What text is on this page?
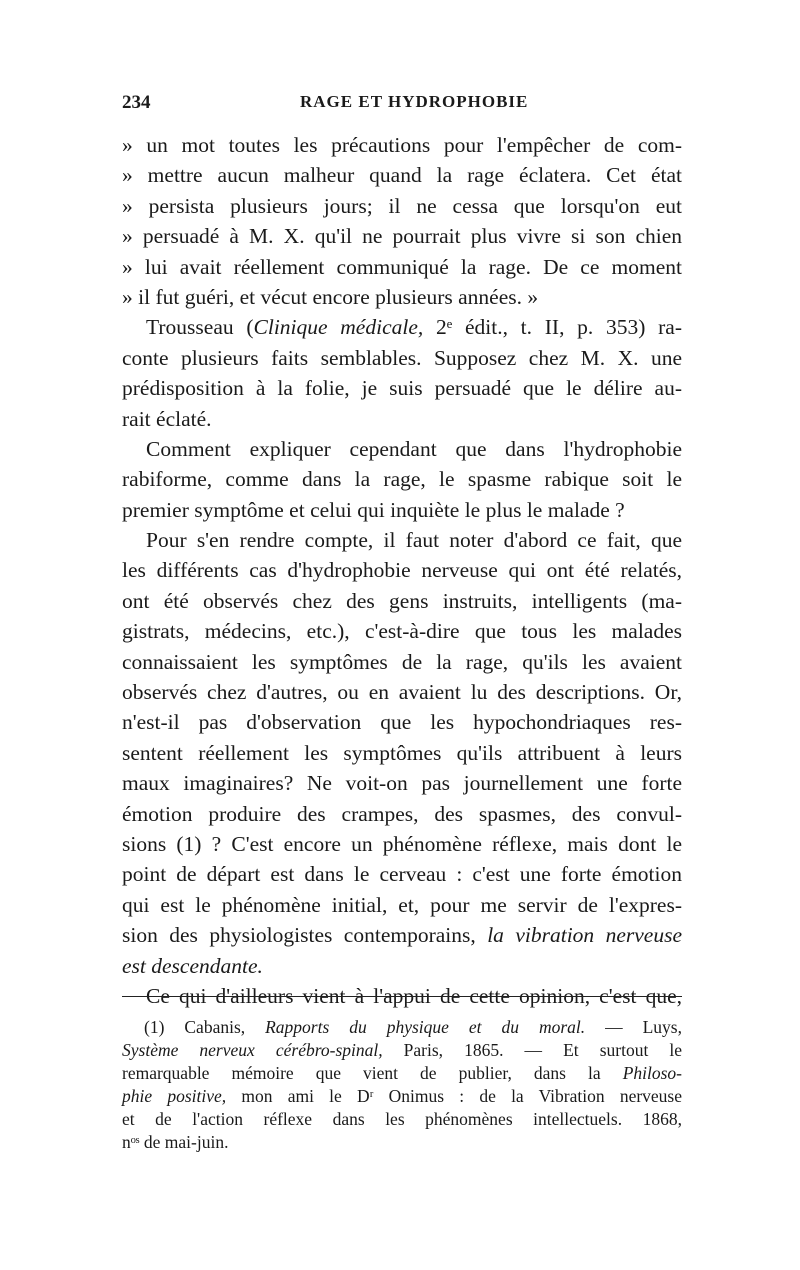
234	RAGE ET HYDROPHOBIE
» un mot toutes les précautions pour l'empêcher de com-
» mettre aucun malheur quand la rage éclatera. Cet état
» persista plusieurs jours; il ne cessa que lorsqu'on eut
» persuadé à M. X. qu'il ne pourrait plus vivre si son chien
» lui avait réellement communiqué la rage. De ce moment
» il fut guéri, et vécut encore plusieurs années. »
Trousseau (Clinique médicale, 2ᵉ édit., t. II, p. 353) ra-
conte plusieurs faits semblables. Supposez chez M. X. une
prédisposition à la folie, je suis persuadé que le délire au-
rait éclaté.
Comment expliquer cependant que dans l'hydrophobie
rabiforme, comme dans la rage, le spasme rabique soit le
premier symptôme et celui qui inquiète le plus le malade ?
Pour s'en rendre compte, il faut noter d'abord ce fait, que
les différents cas d'hydrophobie nerveuse qui ont été relatés,
ont été observés chez des gens instruits, intelligents (ma-
gistrats, médecins, etc.), c'est-à-dire que tous les malades
connaissaient les symptômes de la rage, qu'ils les avaient
observés chez d'autres, ou en avaient lu des descriptions. Or,
n'est-il pas d'observation que les hypochondriaques res-
sentent réellement les symptômes qu'ils attribuent à leurs
maux imaginaires? Ne voit-on pas journellement une forte
émotion produire des crampes, des spasmes, des convul-
sions (1) ? C'est encore un phénomène réflexe, mais dont le
point de départ est dans le cerveau : c'est une forte émotion
qui est le phénomène initial, et, pour me servir de l'expres-
sion des physiologistes contemporains, la vibration nerveuse
est descendante.
Ce qui d'ailleurs vient à l'appui de cette opinion, c'est que,
(1) Cabanis, Rapports du physique et du moral. — Luys,
Système nerveux cérébro-spinal, Paris, 1865. — Et surtout le
remarquable mémoire que vient de publier, dans la Philoso-
phie positive, mon ami le Dʳ Onimus : de la Vibration nerveuse
et de l'action réflexe dans les phénomènes intellectuels. 1868,
nᵒˢ de mai-juin.
